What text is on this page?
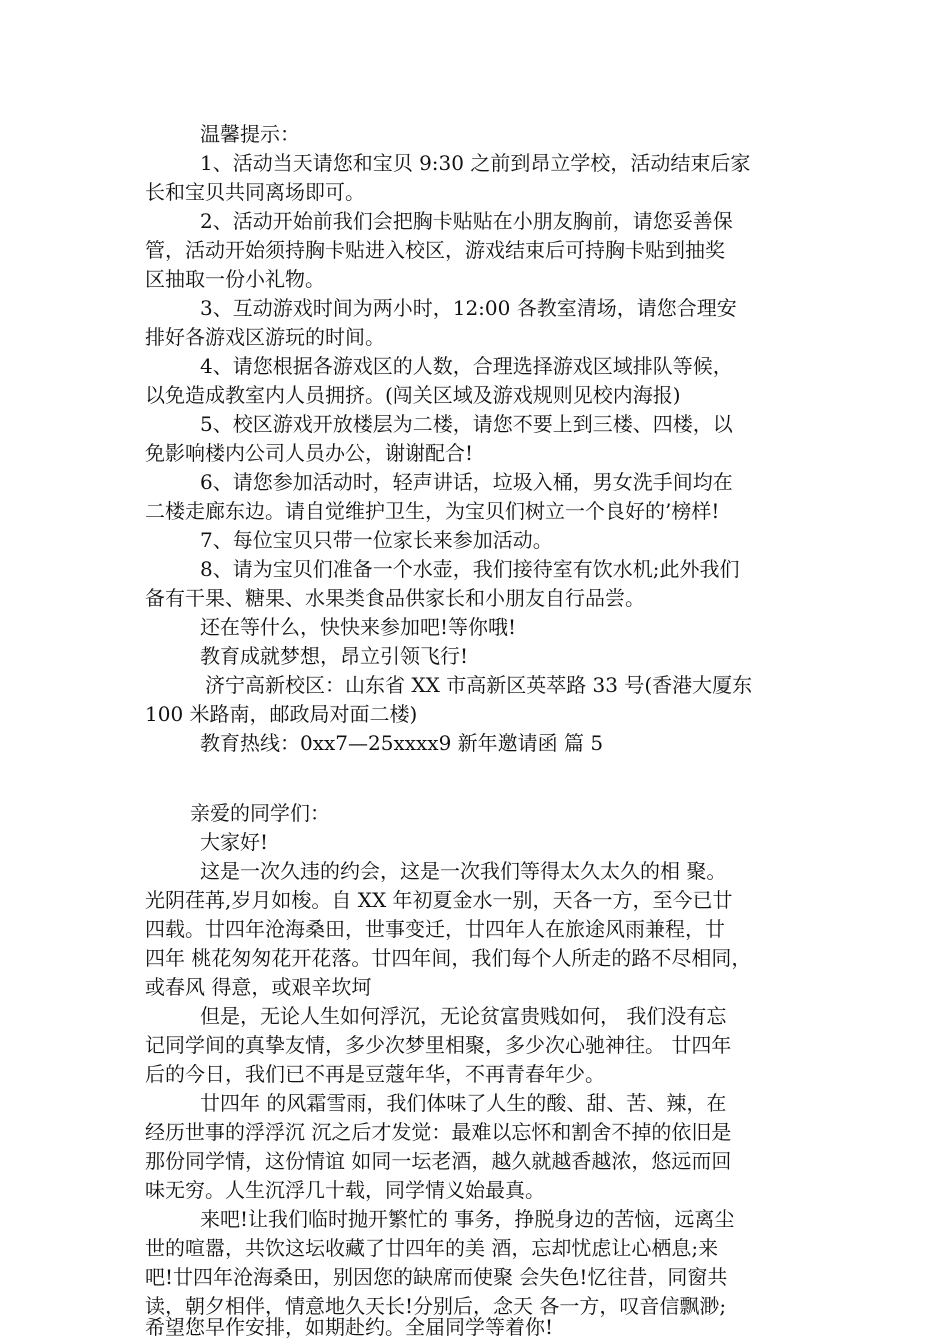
温馨提示：
1、活动当天请您和宝贝 9:30 之前到昂立学校，活动结束后家
长和宝贝共同离场即可。
2、活动开始前我们会把胸卡贴贴在小朋友胸前，请您妥善保
管，活动开始须持胸卡贴进入校区，游戏结束后可持胸卡贴到抽奖
区抽取一份小礼物。
3、互动游戏时间为两小时，12:00 各教室清场，请您合理安
排好各游戏区游玩的时间。
4、请您根据各游戏区的人数，合理选择游戏区域排队等候，
以免造成教室内人员拥挤。(闯关区域及游戏规则见校内海报)
5、校区游戏开放楼层为二楼，请您不要上到三楼、四楼，以
免影响楼内公司人员办公，谢谢配合!
6、请您参加活动时，轻声讲话，垃圾入桶，男女洗手间均在
二楼走廊东边。请自觉维护卫生，为宝贝们树立一个良好的’榜样!
7、每位宝贝只带一位家长来参加活动。
8、请为宝贝们准备一个水壶，我们接待室有饮水机;此外我们
备有干果、糖果、水果类食品供家长和小朋友自行品尝。
还在等什么，快快来参加吧!等你哦!
教育成就梦想，昂立引领飞行!
济宁高新校区：山东省 XX 市高新区英萃路 33 号(香港大厦东
100 米路南，邮政局对面二楼)
教育热线：0xx7—25xxxx9 新年邀请函 篇 5
亲爱的同学们：
大家好!
这是一次久违的约会，这是一次我们等得太久太久的相 聚。
光阴荏苒,岁月如梭。自 XX 年初夏金水一别，天各一方，至今已廿
四载。廿四年沧海桑田，世事变迁，廿四年人在旅途风雨兼程，廿
四年 桃花匆匆花开花落。廿四年间，我们每个人所走的路不尽相同，
或春风 得意，或艰辛坎坷
但是，无论人生如何浮沉，无论贫富贵贱如何， 我们没有忘
记同学间的真挚友情，多少次梦里相聚，多少次心驰神往。 廿四年
后的今日，我们已不再是豆蔻年华，不再青春年少。
廿四年 的风霜雪雨，我们体味了人生的酸、甜、苦、辣，在
经历世事的浮浮沉 沉之后才发觉：最难以忘怀和割舍不掉的依旧是
那份同学情，这份情谊 如同一坛老酒，越久就越香越浓，悠远而回
味无穷。人生沉浮几十载，同学情义始最真。
来吧!让我们临时抛开繁忙的 事务，挣脱身边的苦恼，远离尘
世的喧嚣，共饮这坛收藏了廿四年的美 酒，忘却忧虑让心栖息;来
吧!廿四年沧海桑田，别因您的缺席而使聚 会失色!忆往昔，同窗共
读，朝夕相伴，情意地久天长!分别后，念天 各一方，叹音信飘渺;
希望您早作安排，如期赴约。全届同学等着你!
